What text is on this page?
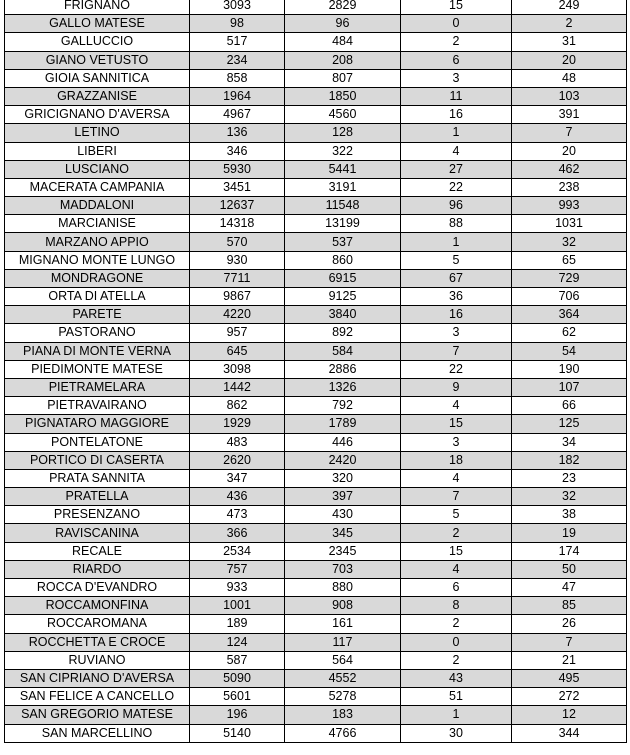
FRIGNANO	3093	2829	15	249
GALLO MATESE	98	96	0	2
GALLUCCIO	517	484	2	31
GIANO VETUSTO	234	208	6	20
GIOIA SANNITICA	858	807	3	48
GRAZZANISE	1964	1850	11	103
GRICIGNANO D'AVERSA	4967	4560	16	391
LETINO	136	128	1	7
LIBERI	346	322	4	20
LUSCIANO	5930	5441	27	462
MACERATA CAMPANIA	3451	3191	22	238
MADDALONI	12637	11548	96	993
MARCIANISE	14318	13199	88	1031
MARZANO APPIO	570	537	1	32
MIGNANO MONTE LUNGO	930	860	5	65
MONDRAGONE	7711	6915	67	729
ORTA DI ATELLA	9867	9125	36	706
PARETE	4220	3840	16	364
PASTORANO	957	892	3	62
PIANA DI MONTE VERNA	645	584	7	54
PIEDIMONTE MATESE	3098	2886	22	190
PIETRAMELARA	1442	1326	9	107
PIETRAVAIRANO	862	792	4	66
PIGNATARO MAGGIORE	1929	1789	15	125
PONTELATONE	483	446	3	34
PORTICO DI CASERTA	2620	2420	18	182
PRATA SANNITA	347	320	4	23
PRATELLA	436	397	7	32
PRESENZANO	473	430	5	38
RAVISCANINA	366	345	2	19
RECALE	2534	2345	15	174
RIARDO	757	703	4	50
ROCCA D'EVANDRO	933	880	6	47
ROCCAMONFINA	1001	908	8	85
ROCCAROMANA	189	161	2	26
ROCCHETTA E CROCE	124	117	0	7
RUVIANO	587	564	2	21
SAN CIPRIANO D'AVERSA	5090	4552	43	495
SAN FELICE A CANCELLO	5601	5278	51	272
SAN GREGORIO MATESE	196	183	1	12
SAN MARCELLINO	5140	4766	30	344
